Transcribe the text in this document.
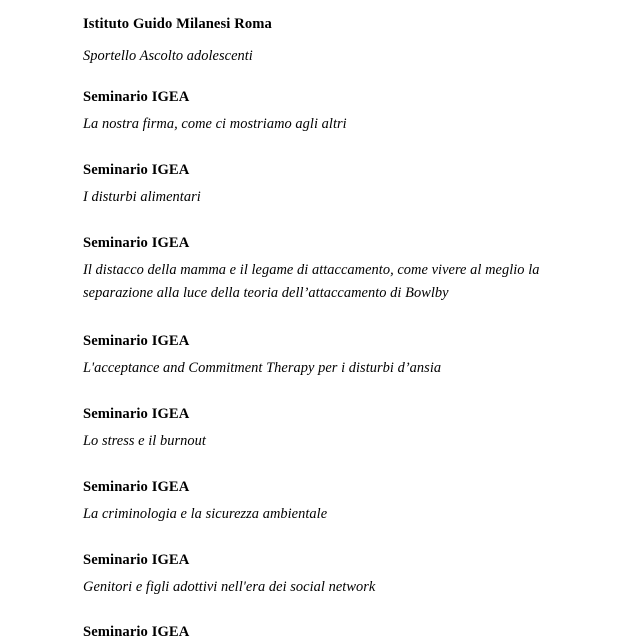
Istituto Guido Milanesi Roma
Sportello Ascolto adolescenti
Seminario IGEA
La nostra firma, come ci mostriamo agli altri
Seminario IGEA
I disturbi alimentari
Seminario IGEA
Il distacco della mamma e il legame di attaccamento, come vivere al meglio la separazione alla luce della teoria dell’attaccamento di Bowlby
Seminario IGEA
L'acceptance and Commitment Therapy per i disturbi d’ansia
Seminario IGEA
Lo stress e il burnout
Seminario IGEA
La criminologia e la sicurezza ambientale
Seminario IGEA
Genitori e figli adottivi nell'era dei social network
Seminario IGEA
